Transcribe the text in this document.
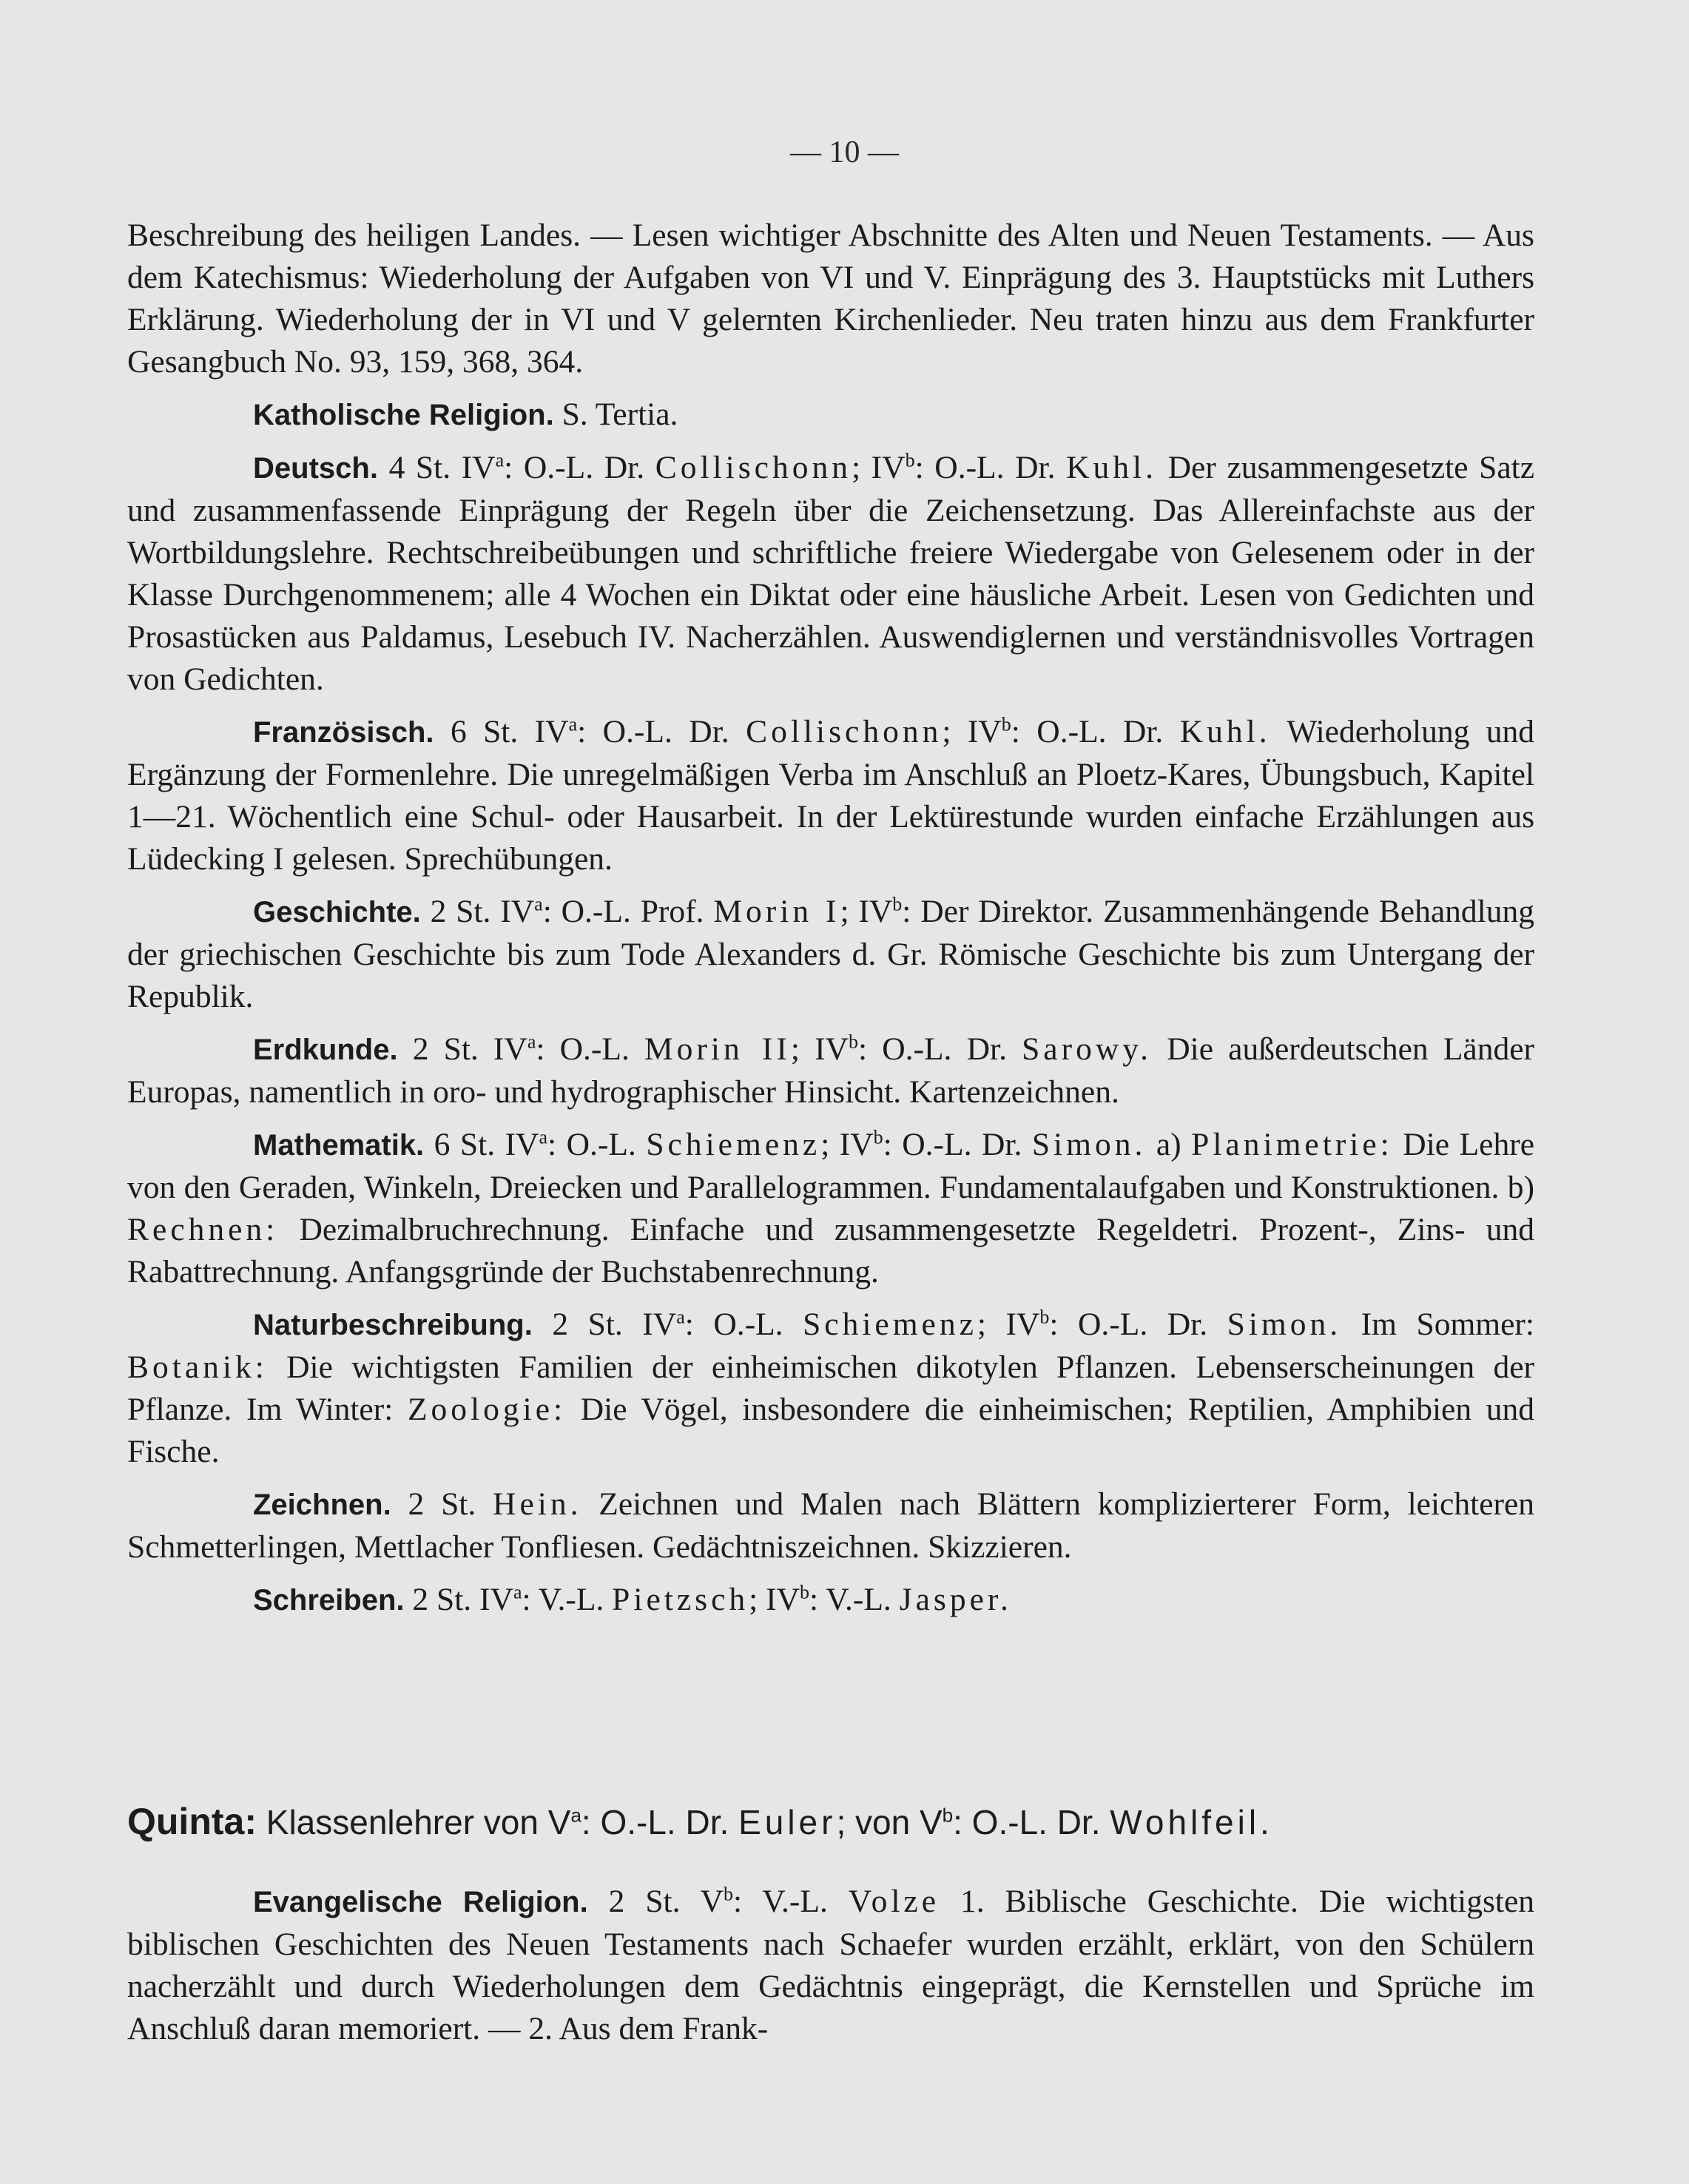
— 10 —

Beschreibung des heiligen Landes. — Lesen wichtiger Abschnitte des Alten und Neuen Testaments. — Aus dem Katechismus: Wiederholung der Aufgaben von VI und V. Einprägung des 3. Hauptstücks mit Luthers Erklärung. Wiederholung der in VI und V gelernten Kirchenlieder. Neu traten hinzu aus dem Frankfurter Gesangbuch No. 93, 159, 368, 364.

Katholische Religion. S. Tertia.

Deutsch. 4 St. $IV^a$: O.-L. Dr. Collischonn; $IV^b$: O.-L. Dr. Kuhl. Der zusammengesetzte Satz und zusammenfassende Einprägung der Regeln über die Zeichensetzung. Das Allereinfachste aus der Wortbildungslehre. Rechtschreibeübungen und schriftliche freiere Wiedergabe von Gelesenem oder in der Klasse Durchgenommenem; alle 4 Wochen ein Diktat oder eine häusliche Arbeit. Lesen von Gedichten und Prosastücken aus Paldamus, Lesebuch IV. Nacherzählen. Auswendiglernen und verständnisvolles Vortragen von Gedichten.

Französisch. 6 St. $IV^a$: O.-L. Dr. Collischonn; $IV^b$: O.-L. Dr. Kuhl. Wiederholung und Ergänzung der Formenlehre. Die unregelmäßigen Verba im Anschluß an Ploetz-Kares, Übungsbuch, Kapitel 1—21. Wöchentlich eine Schul- oder Hausarbeit. In der Lektürestunde wurden einfache Erzählungen aus Lüdecking I gelesen. Sprechübungen.

Geschichte. 2 St. $IV^a$: O.-L. Prof. Morin I; $IV^b$: Der Direktor. Zusammenhängende Behandlung der griechischen Geschichte bis zum Tode Alexanders d. Gr. Römische Geschichte bis zum Untergang der Republik.

Erdkunde. 2 St. $IV^a$: O.-L. Morin II; $IV^b$: O.-L. Dr. Sarowy. Die außerdeutschen Länder Europas, namentlich in oro- und hydrographischer Hinsicht. Kartenzeichnen.

Mathematik. 6 St. $IV^a$: O.-L. Schiemenz; $IV^b$: O.-L. Dr. Simon. a) Planimetrie: Die Lehre von den Geraden, Winkeln, Dreiecken und Parallelogrammen. Fundamentalaufgaben und Konstruktionen. b) Rechnen: Dezimalbruchrechnung. Einfache und zusammengesetzte Regeldetri. Prozent-, Zins- und Rabattrechnung. Anfangsgründe der Buchstabenrechnung.

Naturbeschreibung. 2 St. $IV^a$: O.-L. Schiemenz; $IV^b$: O.-L. Dr. Simon. Im Sommer: Botanik: Die wichtigsten Familien der einheimischen dikotylen Pflanzen. Lebenserscheinungen der Pflanze. Im Winter: Zoologie: Die Vögel, insbesondere die einheimischen; Reptilien, Amphibien und Fische.

Zeichnen. 2 St. Hein. Zeichnen und Malen nach Blättern komplizierterer Form, leichteren Schmetterlingen, Mettlacher Tonfliesen. Gedächtniszeichnen. Skizzieren.

Schreiben. 2 St. $IV^a$: V.-L. Pietzsch; $IV^b$: V.-L. Jasper.

Quinta: Klassenlehrer von $V^a$: O.-L. Dr. Euler; von $V^b$: O.-L. Dr. Wohlfeil.

Evangelische Religion. 2 St. $V^b$: V.-L. Volze 1. Biblische Geschichte. Die wichtigsten biblischen Geschichten des Neuen Testaments nach Schaefer wurden erzählt, erklärt, von den Schülern nacherzählt und durch Wiederholungen dem Gedächtnis eingeprägt, die Kernstellen und Sprüche im Anschluß daran memoriert. — 2. Aus dem Frank-
